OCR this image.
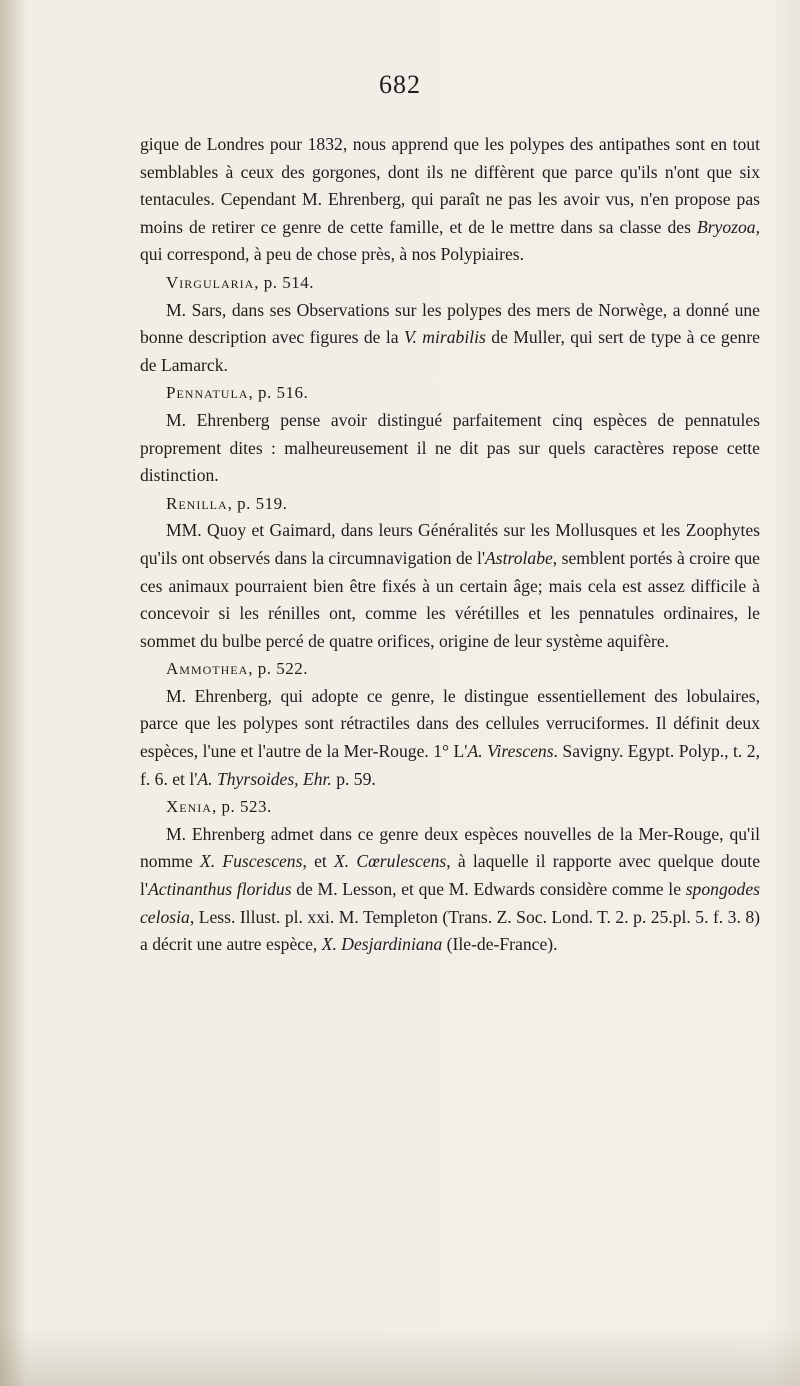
682

gique de Londres pour 1832, nous apprend que les polypes des antipathes sont en tout semblables à ceux des gorgones, dont ils ne diffèrent que parce qu'ils n'ont que six tentacules. Cependant M. Ehrenberg, qui paraît ne pas les avoir vus, n'en propose pas moins de retirer ce genre de cette famille, et de le mettre dans sa classe des Bryozoa, qui correspond, à peu de chose près, à nos Polypiaires.

Virgularia, p. 514.

M. Sars, dans ses Observations sur les polypes des mers de Norwège, a donné une bonne description avec figures de la V. mirabilis de Muller, qui sert de type à ce genre de Lamarck.

Pennatula, p. 516.

M. Ehrenberg pense avoir distingué parfaitement cinq espèces de pennatules proprement dites : malheureusement il ne dit pas sur quels caractères repose cette distinction.

Renilla, p. 519.

MM. Quoy et Gaimard, dans leurs Généralités sur les Mollusques et les Zoophytes qu'ils ont observés dans la circumnavigation de l'Astrolabe, semblent portés à croire que ces animaux pourraient bien être fixés à un certain âge; mais cela est assez difficile à concevoir si les rénilles ont, comme les vérétilles et les pennatules ordinaires, le sommet du bulbe percé de quatre orifices, origine de leur système aquifère.

Ammothea, p. 522.

M. Ehrenberg, qui adopte ce genre, le distingue essentiellement des lobulaires, parce que les polypes sont rétractiles dans des cellules verruciformes. Il définit deux espèces, l'une et l'autre de la Mer-Rouge. 1° L'A. Virescens. Savigny. Egypt. Polyp., t. 2, f. 6. et l'A. Thyrsoides, Ehr. p. 59.

Xenia, p. 523.

M. Ehrenberg admet dans ce genre deux espèces nouvelles de la Mer-Rouge, qu'il nomme X. Fuscescens, et X. Cœrulescens, à laquelle il rapporte avec quelque doute l'Actinanthus floridus de M. Lesson, et que M. Edwards considère comme le spongodes celosia, Less. Illust. pl. xxi. M. Templeton (Trans. Z. Soc. Lond. T. 2. p. 25.pl. 5. f. 3. 8) a décrit une autre espèce, X. Desjardiniana (Ile-de-France).
